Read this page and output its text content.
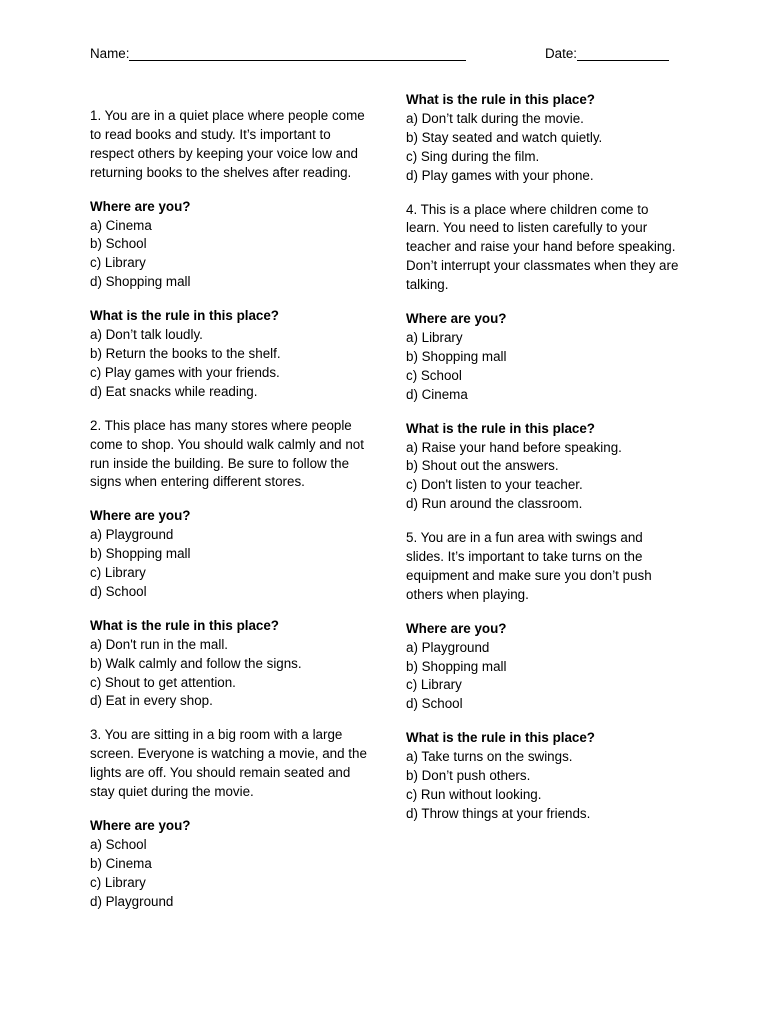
Name:	Date:

1. You are in a quiet place where people come to read books and study. It’s important to respect others by keeping your voice low and returning books to the shelves after reading.

Where are you?

a) Cinema
b) School
c) Library
d) Shopping mall

What is the rule in this place?

a) Don’t talk loudly.
b) Return the books to the shelf.
c) Play games with your friends.
d) Eat snacks while reading.

2. This place has many stores where people come to shop. You should walk calmly and not run inside the building. Be sure to follow the signs when entering different stores.

Where are you?

a) Playground
b) Shopping mall
c) Library
d) School

What is the rule in this place?

a) Don't run in the mall.
b) Walk calmly and follow the signs.
c) Shout to get attention.
d) Eat in every shop.

3. You are sitting in a big room with a large screen. Everyone is watching a movie, and the lights are off. You should remain seated and stay quiet during the movie.

Where are you?

a) School
b) Cinema
c) Library
d) Playground

What is the rule in this place?

a) Don’t talk during the movie.
b) Stay seated and watch quietly.
c) Sing during the film.
d) Play games with your phone.

4. This is a place where children come to learn. You need to listen carefully to your teacher and raise your hand before speaking. Don’t interrupt your classmates when they are talking.

Where are you?

a) Library
b) Shopping mall
c) School
d) Cinema

What is the rule in this place?

a) Raise your hand before speaking.
b) Shout out the answers.
c) Don't listen to your teacher.
d) Run around the classroom.

5. You are in a fun area with swings and slides. It’s important to take turns on the equipment and make sure you don’t push others when playing.

Where are you?

a) Playground
b) Shopping mall
c) Library
d) School

What is the rule in this place?

a) Take turns on the swings.
b) Don’t push others.
c) Run without looking.
d) Throw things at your friends.
